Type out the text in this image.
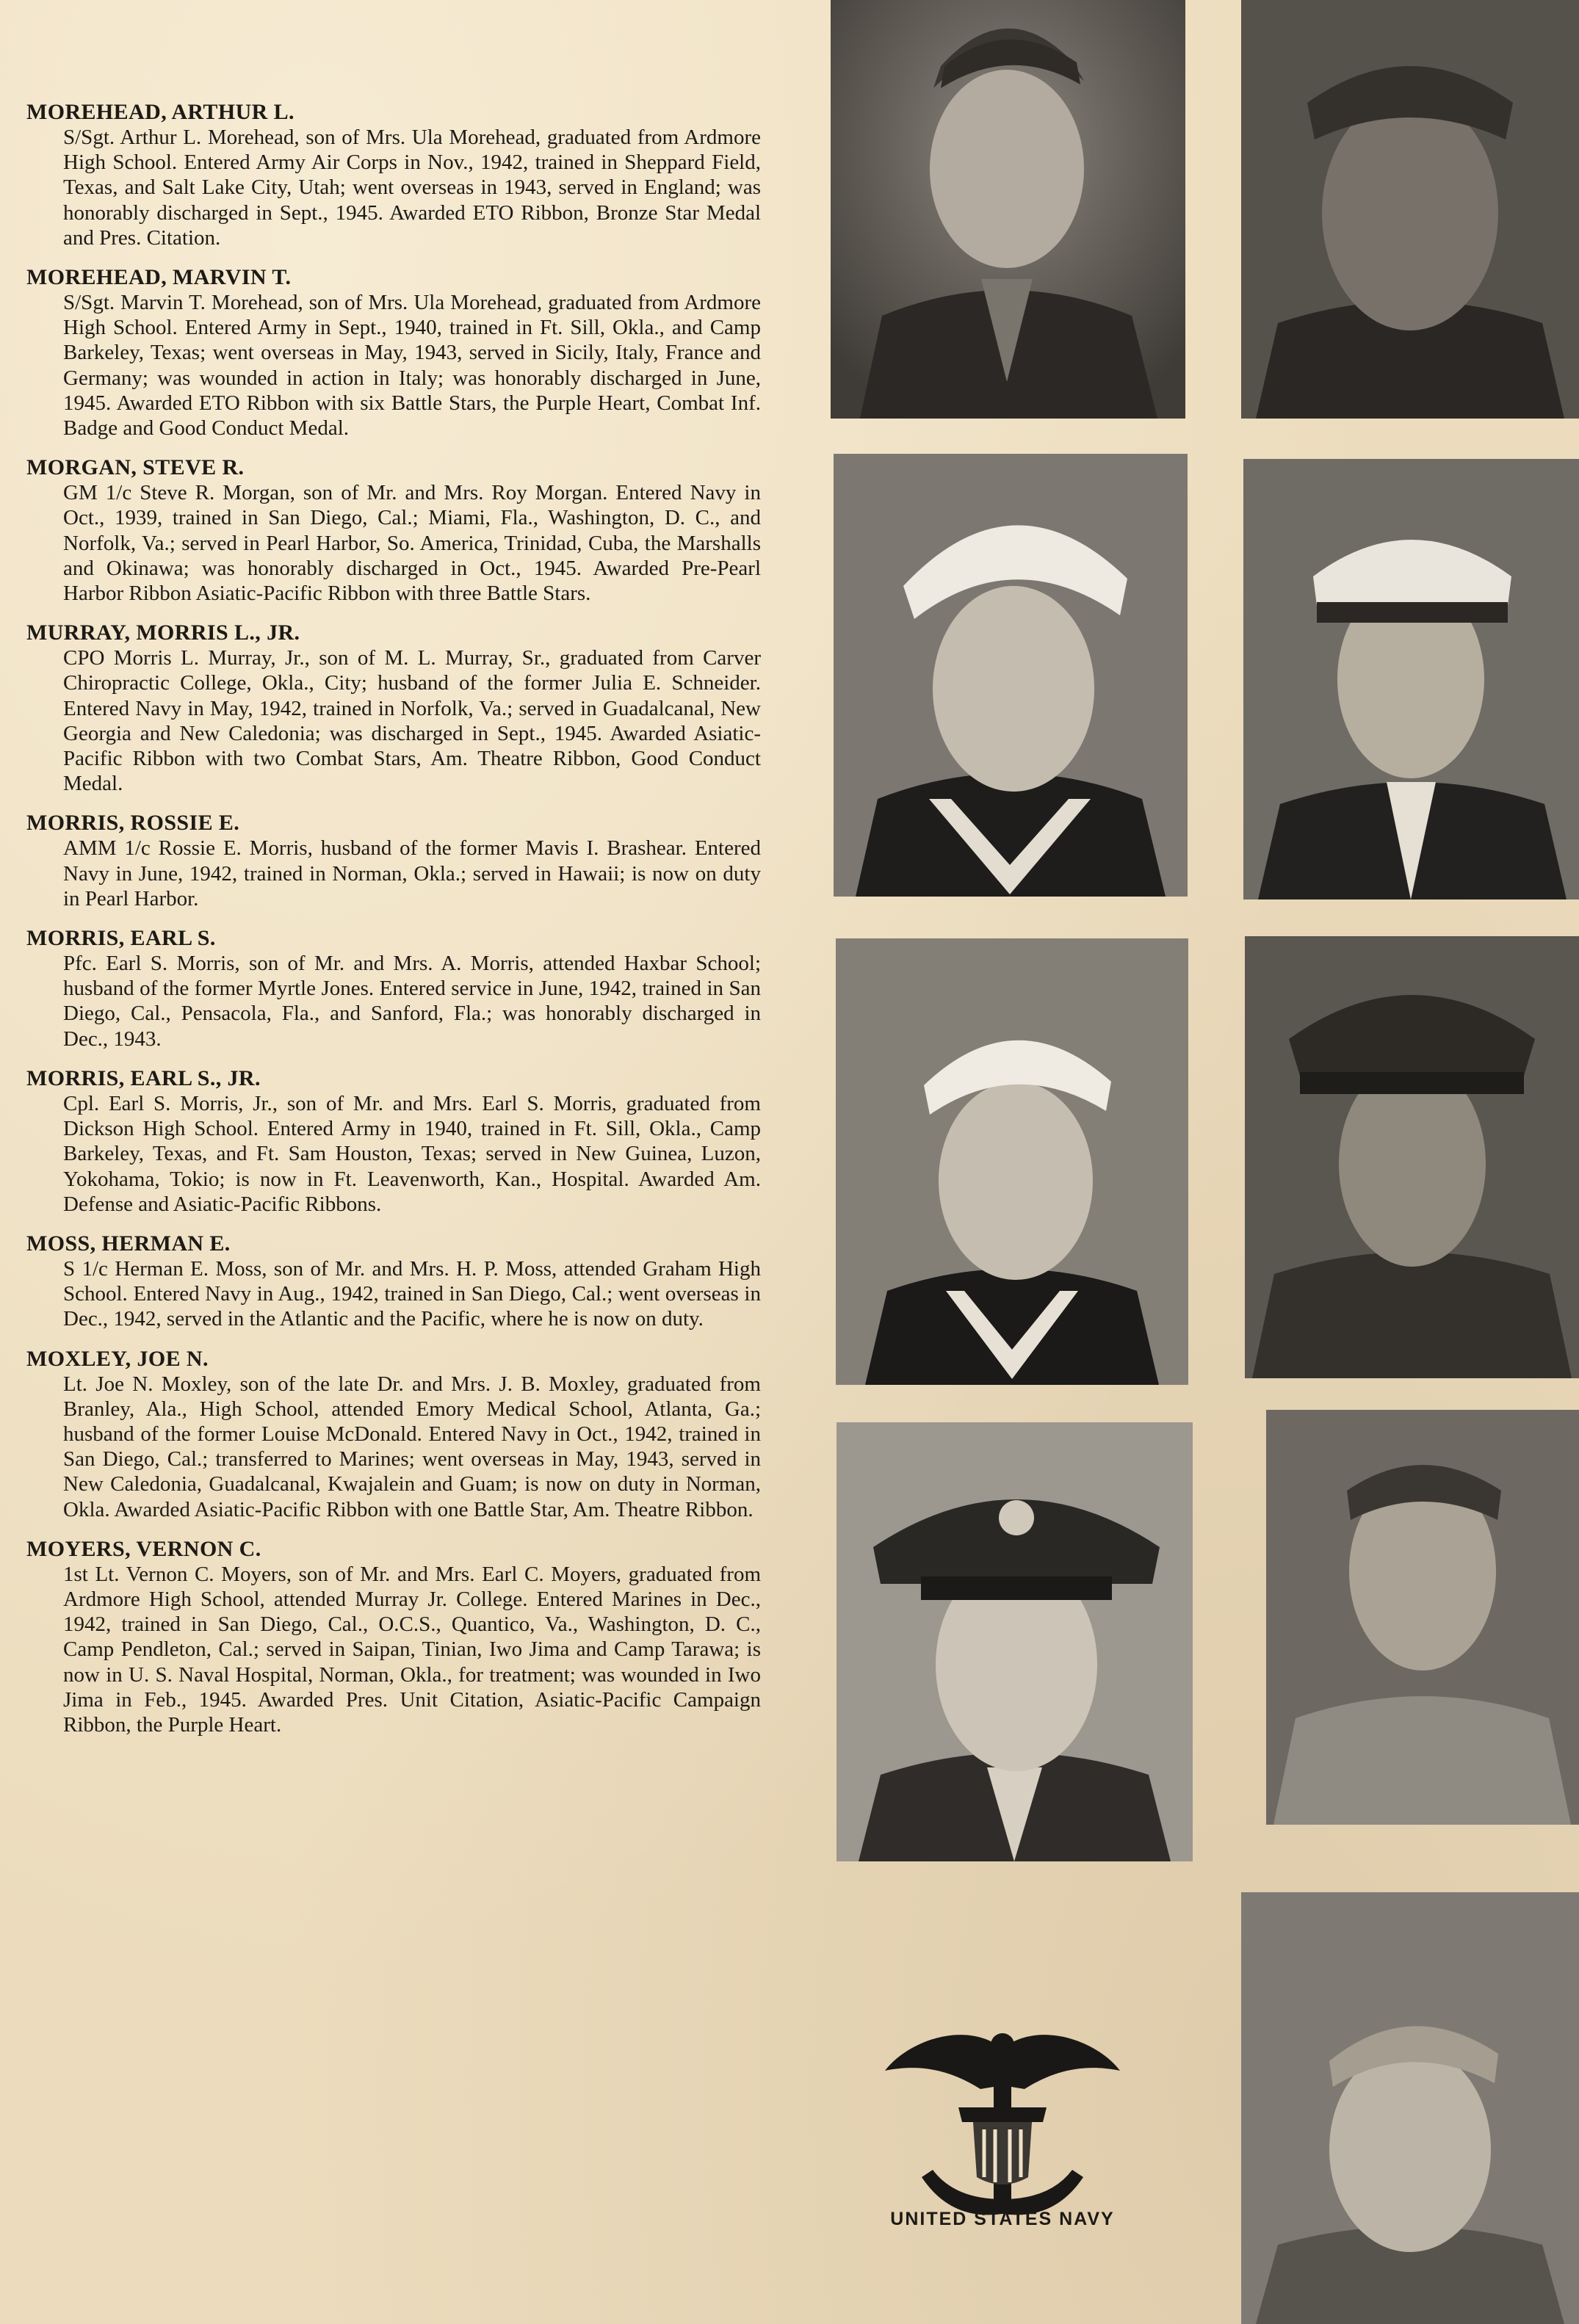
MOREHEAD, ARTHUR L.

S/Sgt. Arthur L. Morehead, son of Mrs. Ula Morehead, graduated from Ardmore High School. Entered Army Air Corps in Nov., 1942, trained in Sheppard Field, Texas, and Salt Lake City, Utah; went overseas in 1943, served in England; was honorably discharged in Sept., 1945. Awarded ETO Ribbon, Bronze Star Medal and Pres. Citation.

MOREHEAD, MARVIN T.

S/Sgt. Marvin T. Morehead, son of Mrs. Ula Morehead, graduated from Ardmore High School. Entered Army in Sept., 1940, trained in Ft. Sill, Okla., and Camp Barkeley, Texas; went overseas in May, 1943, served in Sicily, Italy, France and Germany; was wounded in action in Italy; was honorably discharged in June, 1945. Awarded ETO Ribbon with six Battle Stars, the Purple Heart, Combat Inf. Badge and Good Conduct Medal.

MORGAN, STEVE R.

GM 1/c Steve R. Morgan, son of Mr. and Mrs. Roy Morgan. Entered Navy in Oct., 1939, trained in San Diego, Cal.; Miami, Fla., Washington, D. C., and Norfolk, Va.; served in Pearl Harbor, So. America, Trinidad, Cuba, the Marshalls and Okinawa; was honorably discharged in Oct., 1945. Awarded Pre-Pearl Harbor Ribbon Asiatic-Pacific Ribbon with three Battle Stars.

MURRAY, MORRIS L., JR.

CPO Morris L. Murray, Jr., son of M. L. Murray, Sr., graduated from Carver Chiropractic College, Okla., City; husband of the former Julia E. Schneider. Entered Navy in May, 1942, trained in Norfolk, Va.; served in Guadalcanal, New Georgia and New Caledonia; was discharged in Sept., 1945. Awarded Asiatic-Pacific Ribbon with two Combat Stars, Am. Theatre Ribbon, Good Conduct Medal.

MORRIS, ROSSIE E.

AMM 1/c Rossie E. Morris, husband of the former Mavis I. Brashear. Entered Navy in June, 1942, trained in Norman, Okla.; served in Hawaii; is now on duty in Pearl Harbor.

MORRIS, EARL S.

Pfc. Earl S. Morris, son of Mr. and Mrs. A. Morris, attended Haxbar School; husband of the former Myrtle Jones. Entered service in June, 1942, trained in San Diego, Cal., Pensacola, Fla., and Sanford, Fla.; was honorably discharged in Dec., 1943.

MORRIS, EARL S., JR.

Cpl. Earl S. Morris, Jr., son of Mr. and Mrs. Earl S. Morris, graduated from Dickson High School. Entered Army in 1940, trained in Ft. Sill, Okla., Camp Barkeley, Texas, and Ft. Sam Houston, Texas; served in New Guinea, Luzon, Yokohama, Tokio; is now in Ft. Leavenworth, Kan., Hospital. Awarded Am. Defense and Asiatic-Pacific Ribbons.

MOSS, HERMAN E.

S 1/c Herman E. Moss, son of Mr. and Mrs. H. P. Moss, attended Graham High School. Entered Navy in Aug., 1942, trained in San Diego, Cal.; went overseas in Dec., 1942, served in the Atlantic and the Pacific, where he is now on duty.

MOXLEY, JOE N.

Lt. Joe N. Moxley, son of the late Dr. and Mrs. J. B. Moxley, graduated from Branley, Ala., High School, attended Emory Medical School, Atlanta, Ga.; husband of the former Louise McDonald. Entered Navy in Oct., 1942, trained in San Diego, Cal.; transferred to Marines; went overseas in May, 1943, served in New Caledonia, Guadalcanal, Kwajalein and Guam; is now on duty in Norman, Okla. Awarded Asiatic-Pacific Ribbon with one Battle Star, Am. Theatre Ribbon.

MOYERS, VERNON C.

1st Lt. Vernon C. Moyers, son of Mr. and Mrs. Earl C. Moyers, graduated from Ardmore High School, attended Murray Jr. College. Entered Marines in Dec., 1942, trained in San Diego, Cal., O.C.S., Quantico, Va., Washington, D. C., Camp Pendleton, Cal.; served in Saipan, Tinian, Iwo Jima and Camp Tarawa; is now in U. S. Naval Hospital, Norman, Okla., for treatment; was wounded in Iwo Jima in Feb., 1945. Awarded Pres. Unit Citation, Asiatic-Pacific Campaign Ribbon, the Purple Heart.

UNITED STATES NAVY
